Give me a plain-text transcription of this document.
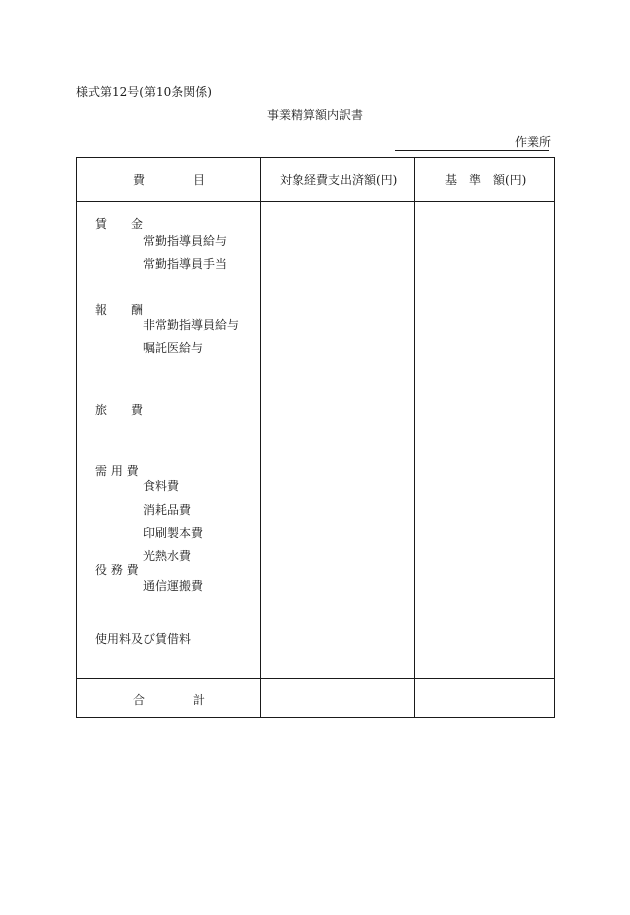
様式第12号(第10条関係)
事業精算額内訳書
作業所
費　　　　目	対象経費支出済額(円)	基　準　額(円)
賃　　金
常勤指導員給与
常勤指導員手当
報　　酬
非常勤指導員給与
嘱託医給与
旅　　費
需 用 費
食料費
消耗品費
印刷製本費
光熱水費
役 務 費
通信運搬費
使用料及び賃借料
合　　　　計
